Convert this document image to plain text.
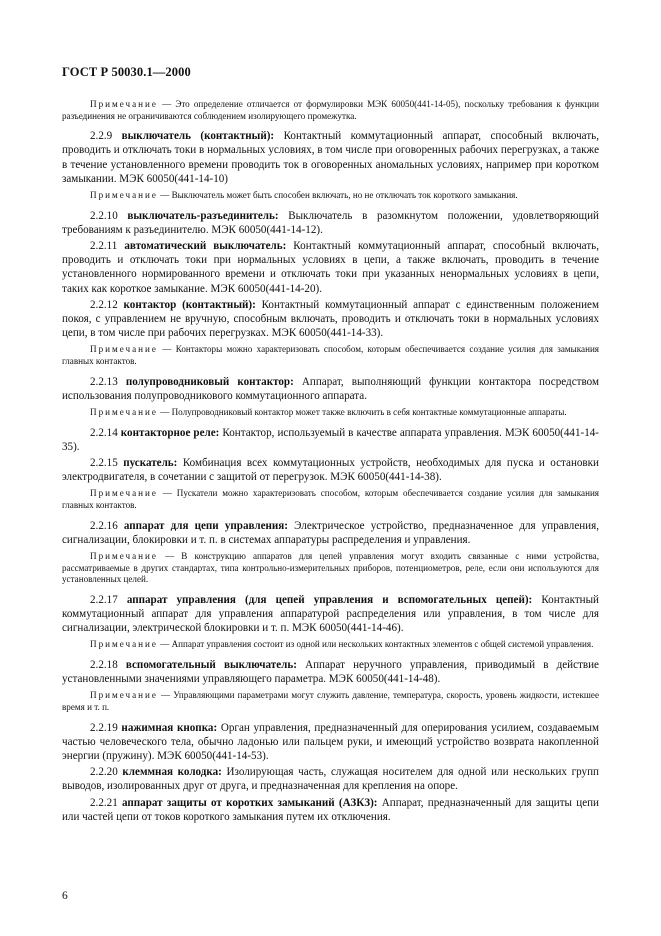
ГОСТ Р 50030.1—2000
Примечание — Это определение отличается от формулировки МЭК 60050(441-14-05), поскольку требования к функции разъединения не ограничиваются соблюдением изолирующего промежутка.
2.2.9 выключатель (контактный): Контактный коммутационный аппарат, способный включать, проводить и отключать токи в нормальных условиях, в том числе при оговоренных рабочих перегрузках, а также в течение установленного времени проводить ток в оговоренных аномальных условиях, например при коротком замыкании. МЭК 60050(441-14-10)
Примечание — Выключатель может быть способен включать, но не отключать ток короткого замыкания.
2.2.10 выключатель-разъединитель: Выключатель в разомкнутом положении, удовлетворяющий требованиям к разъединителю. МЭК 60050(441-14-12).
2.2.11 автоматический выключатель: Контактный коммутационный аппарат, способный включать, проводить и отключать токи при нормальных условиях в цепи, а также включать, проводить в течение установленного нормированного времени и отключать токи при указанных ненормальных условиях в цепи, таких как короткое замыкание. МЭК 60050(441-14-20).
2.2.12 контактор (контактный): Контактный коммутационный аппарат с единственным положением покоя, с управлением не вручную, способным включать, проводить и отключать токи в нормальных условиях цепи, в том числе при рабочих перегрузках. МЭК 60050(441-14-33).
Примечание — Контакторы можно характеризовать способом, которым обеспечивается создание усилия для замыкания главных контактов.
2.2.13 полупроводниковый контактор: Аппарат, выполняющий функции контактора посредством использования полупроводникового коммутационного аппарата.
Примечание — Полупроводниковый контактор может также включить в себя контактные коммутационные аппараты.
2.2.14 контакторное реле: Контактор, используемый в качестве аппарата управления. МЭК 60050(441-14-35).
2.2.15 пускатель: Комбинация всех коммутационных устройств, необходимых для пуска и остановки электродвигателя, в сочетании с защитой от перегрузок. МЭК 60050(441-14-38).
Примечание — Пускатели можно характеризовать способом, которым обеспечивается создание усилия для замыкания главных контактов.
2.2.16 аппарат для цепи управления: Электрическое устройство, предназначенное для управления, сигнализации, блокировки и т. п. в системах аппаратуры распределения и управления.
Примечание — В конструкцию аппаратов для цепей управления могут входить связанные с ними устройства, рассматриваемые в других стандартах, типа контрольно-измерительных приборов, потенциометров, реле, если они используются для установленных целей.
2.2.17 аппарат управления (для цепей управления и вспомогательных цепей): Контактный коммутационный аппарат для управления аппаратурой распределения или управления, в том числе для сигнализации, электрической блокировки и т. п. МЭК 60050(441-14-46).
Примечание — Аппарат управления состоит из одной или нескольких контактных элементов с общей системой управления.
2.2.18 вспомогательный выключатель: Аппарат неручного управления, приводимый в действие установленными значениями управляющего параметра. МЭК 60050(441-14-48).
Примечание — Управляющими параметрами могут служить давление, температура, скорость, уровень жидкости, истекшее время и т. п.
2.2.19 нажимная кнопка: Орган управления, предназначенный для оперирования усилием, создаваемым частью человеческого тела, обычно ладонью или пальцем руки, и имеющий устройство возврата накопленной энергии (пружину). МЭК 60050(441-14-53).
2.2.20 клеммная колодка: Изолирующая часть, служащая носителем для одной или нескольких групп выводов, изолированных друг от друга, и предназначенная для крепления на опоре.
2.2.21 аппарат защиты от коротких замыканий (АЗКЗ): Аппарат, предназначенный для защиты цепи или частей цепи от токов короткого замыкания путем их отключения.
6
